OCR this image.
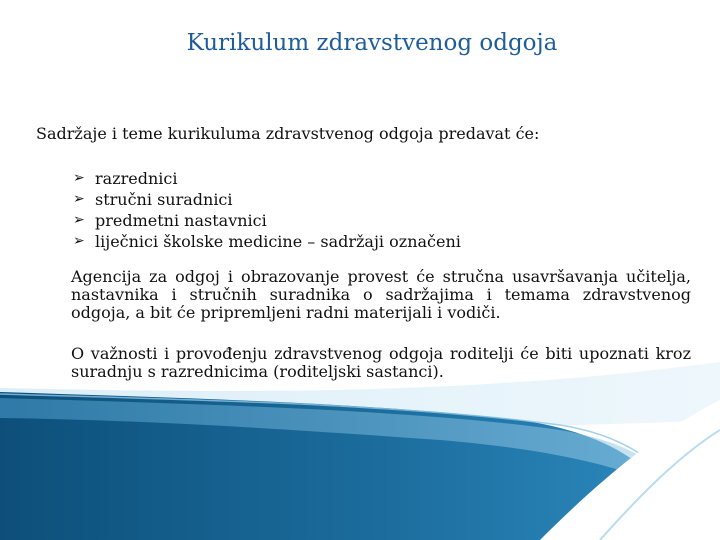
Kurikulum zdravstvenog odgoja
Sadržaje i teme kurikuluma zdravstvenog odgoja predavat će:
➢ razrednici
➢ stručni suradnici
➢ predmetni nastavnici
➢ liječnici školske medicine – sadržaji označeni
Agencija za odgoj i obrazovanje provest će stručna usavršavanja učitelja, nastavnika i stručnih suradnika o sadržajima i temama zdravstvenog odgoja, a bit će pripremljeni radni materijali i vodiči.
O važnosti i provođenju zdravstvenog odgoja roditelji će biti upoznati kroz suradnju s razrednicima (roditeljski sastanci).
